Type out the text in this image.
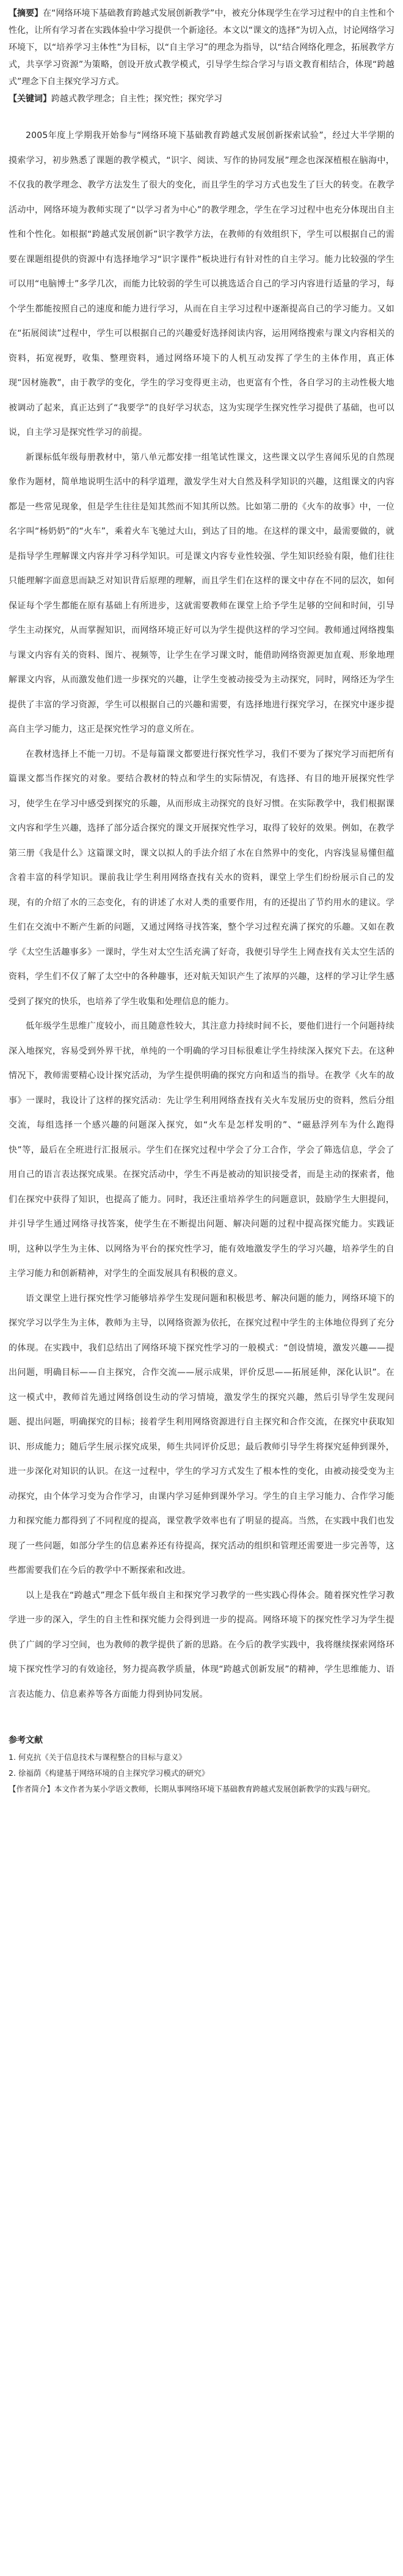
【摘要】在“网络环境下基础教育跨越式发展创新教学”中，被充分体现学生在学习过程中的自主性和个性化，让所有学习者在实践体验中学习提供一个新途径。本文以“课文的选择”为切入点，讨论网络学习环境下，以“培养学习主体性”为目标，以“自主学习”的理念为指导，以“结合网络化理念，拓展教学方式，共享学习资源”为策略，创设开放式教学模式，引导学生综合学习与语文教育相结合，体现“跨越式”理念下自主探究学习方式。
【关键词】跨越式教学理念；自主性；探究性；探究学习

2005年度上学期我开始参与“网络环境下基础教育跨越式发展创新探索试验”，经过大半学期的摸索学习，初步熟悉了课题的教学模式，“识字、阅读、写作的协同发展”理念也深深植根在脑海中，不仅我的教学理念、教学方法发生了很大的变化，而且学生的学习方式也发生了巨大的转变。在教学活动中，网络环境为教师实现了“以学习者为中心”的教学理念，学生在学习过程中也充分体现出自主性和个性化。如根据“跨越式发展创新”识字教学方法，在教师的有效组织下，学生可以根据自己的需要在课题组提供的资源中有选择地学习“识字课件”板块进行有针对性的自主学习。能力比较强的学生可以用“电脑博士”多学几次，而能力比较弱的学生可以挑选适合自己的学习内容进行适量的学习，每个学生都能按照自己的速度和能力进行学习，从而在自主学习过程中逐渐提高自己的学习能力。又如在“拓展阅读”过程中，学生可以根据自己的兴趣爱好选择阅读内容，运用网络搜索与课文内容相关的资料，拓宽视野，收集、整理资料，通过网络环境下的人机互动发挥了学生的主体作用，真正体现“因材施教”，由于教学的变化，学生的学习变得更主动，也更富有个性，各自学习的主动性极大地被调动了起来，真正达到了“我要学”的良好学习状态，这为实现学生探究性学习提供了基础，也可以说，自主学习是探究性学习的前提。

新课标低年级每册教材中，第八单元都安排一组笔试性课文，这些课文以学生喜闻乐见的自然现象作为题材，简单地说明生活中的科学道理，激发学生对大自然及科学知识的兴趣，这组课文的内容都是一些常见现象，但是学生往往是知其然而不知其所以然。比如第二册的《火车的故事》中，一位名字叫“杨奶奶”的“火车”，乘着火车飞驰过大山，到达了目的地。在这样的课文中，最需要做的，就是指导学生理解课文内容并学习科学知识。可是课文内容专业性较强、学生知识经验有限，他们往往只能理解字面意思而缺乏对知识背后原理的理解，而且学生们在这样的课文中存在不同的层次，如何保证每个学生都能在原有基础上有所进步，这就需要教师在课堂上给予学生足够的空间和时间，引导学生主动探究，从而掌握知识，而网络环境正好可以为学生提供这样的学习空间。教师通过网络搜集与课文内容有关的资料、图片、视频等，让学生在学习课文时，能借助网络资源更加直观、形象地理解课文内容，从而激发他们进一步探究的兴趣，让学生变被动接受为主动探究，同时，网络还为学生提供了丰富的学习资源，学生可以根据自己的兴趣和需要，有选择地进行探究学习，在探究中逐步提高自主学习能力，这正是探究性学习的意义所在。

在教材选择上不能一刀切。不是每篇课文都要进行探究性学习，我们不要为了探究学习而把所有篇课文都当作探究的对象。要结合教材的特点和学生的实际情况，有选择、有目的地开展探究性学习，使学生在学习中感受到探究的乐趣，从而形成主动探究的良好习惯。在实际教学中，我们根据课文内容和学生兴趣，选择了部分适合探究的课文开展探究性学习，取得了较好的效果。例如，在教学第三册《我是什么》这篇课文时，课文以拟人的手法介绍了水在自然界中的变化，内容浅显易懂但蕴含着丰富的科学知识。课前我让学生利用网络查找有关水的资料，课堂上学生们纷纷展示自己的发现，有的介绍了水的三态变化，有的讲述了水对人类的重要作用，有的还提出了节约用水的建议。学生们在交流中不断产生新的问题，又通过网络寻找答案，整个学习过程充满了探究的乐趣。又如在教学《太空生活趣事多》一课时，学生对太空生活充满了好奇，我便引导学生上网查找有关太空生活的资料，学生们不仅了解了太空中的各种趣事，还对航天知识产生了浓厚的兴趣，这样的学习让学生感受到了探究的快乐，也培养了学生收集和处理信息的能力。

低年级学生思维广度较小，而且随意性较大，其注意力持续时间不长，要他们进行一个问题持续深入地探究，容易受到外界干扰，单纯的一个明确的学习目标很难让学生持续深入探究下去。在这种情况下，教师需要精心设计探究活动，为学生提供明确的探究方向和适当的指导。在教学《火车的故事》一课时，我设计了这样的探究活动：先让学生利用网络查找有关火车发展历史的资料，然后分组交流，每组选择一个感兴趣的问题深入探究，如“火车是怎样发明的”、“磁悬浮列车为什么跑得快”等，最后在全班进行汇报展示。学生们在探究过程中学会了分工合作，学会了筛选信息，学会了用自己的语言表达探究成果。在探究活动中，学生不再是被动的知识接受者，而是主动的探索者，他们在探究中获得了知识，也提高了能力。同时，我还注重培养学生的问题意识，鼓励学生大胆提问，并引导学生通过网络寻找答案，使学生在不断提出问题、解决问题的过程中提高探究能力。实践证明，这种以学生为主体、以网络为平台的探究性学习，能有效地激发学生的学习兴趣，培养学生的自主学习能力和创新精神，对学生的全面发展具有积极的意义。

语文课堂上进行探究性学习能够培养学生发现问题和积极思考、解决问题的能力，网络环境下的探究学习以学生为主体，教师为主导，以网络资源为依托，在探究过程中学生的主体地位得到了充分的体现。在实践中，我们总结出了网络环境下探究性学习的一般模式：“创设情境，激发兴趣——提出问题，明确目标——自主探究，合作交流——展示成果，评价反思——拓展延伸，深化认识”。在这一模式中，教师首先通过网络创设生动的学习情境，激发学生的探究兴趣，然后引导学生发现问题、提出问题，明确探究的目标；接着学生利用网络资源进行自主探究和合作交流，在探究中获取知识、形成能力；随后学生展示探究成果，师生共同评价反思；最后教师引导学生将探究延伸到课外，进一步深化对知识的认识。在这一过程中，学生的学习方式发生了根本性的变化，由被动接受变为主动探究，由个体学习变为合作学习，由课内学习延伸到课外学习。学生的自主学习能力、合作学习能力和探究能力都得到了不同程度的提高，课堂教学效率也有了明显的提高。当然，在实践中我们也发现了一些问题，如部分学生的信息素养还有待提高，探究活动的组织和管理还需要进一步完善等，这些都需要我们在今后的教学中不断探索和改进。

以上是我在“跨越式”理念下低年级自主和探究学习教学的一些实践心得体会。随着探究性学习教学进一步的深入，学生的自主性和探究能力会得到进一步的提高。网络环境下的探究性学习为学生提供了广阔的学习空间，也为教师的教学提供了新的思路。在今后的教学实践中，我将继续探索网络环境下探究性学习的有效途径，努力提高教学质量，体现“跨越式创新发展”的精神，学生思维能力、语言表达能力、信息素养等各方面能力得到协同发展。

参考文献

1. 何克抗《关于信息技术与课程整合的目标与意义》

2. 徐福荫《构建基于网络环境的自主探究学习模式的研究》

【作者简介】本文作者为某小学语文教师，长期从事网络环境下基础教育跨越式发展创新教学的实践与研究。
